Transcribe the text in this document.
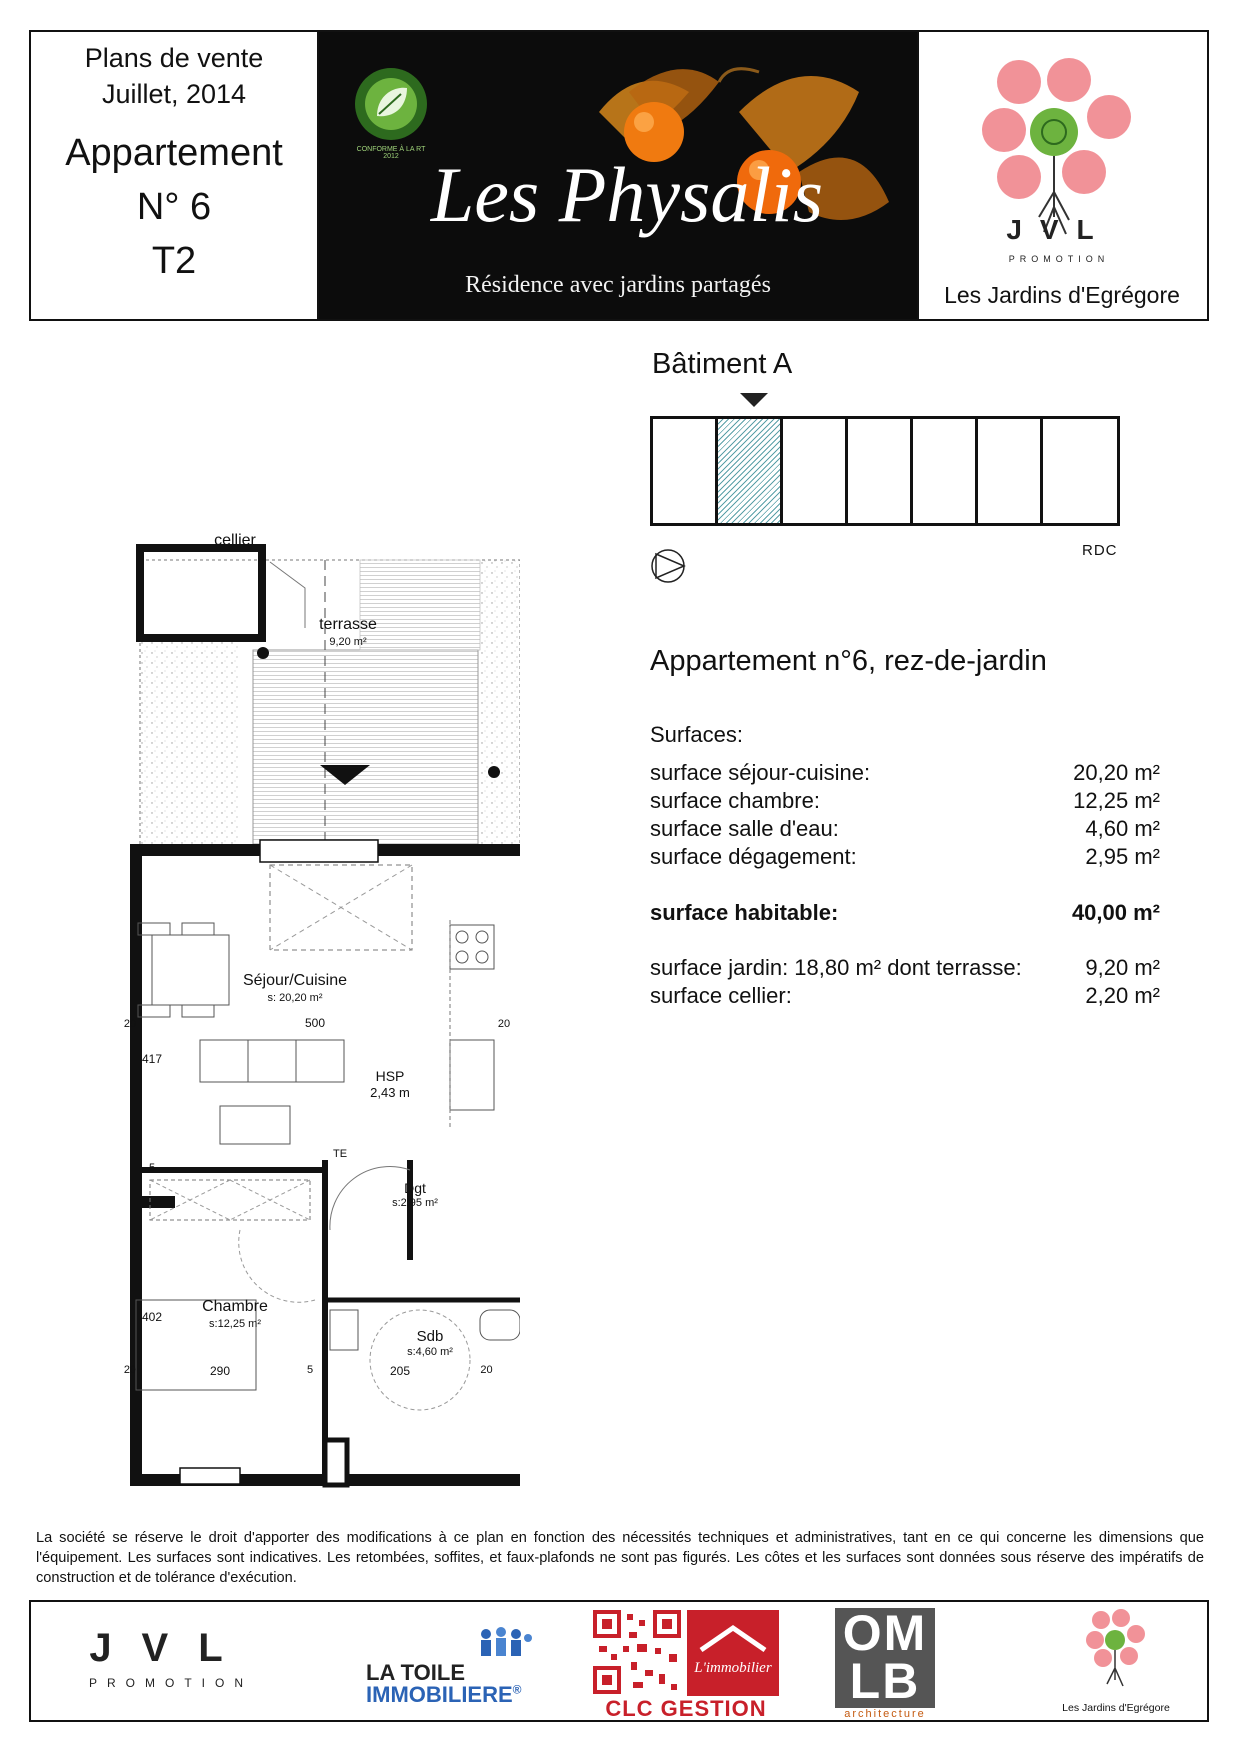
Plans de vente
Juillet, 2014
Appartement
N° 6
T2
CONFORME À LA RT 2012 Les Physalis
Résidence avec jardins partagés
JVL
PROMOTION
Les Jardins d'Egrégore
Bâtiment A
RDC
Appartement n°6, rez-de-jardin
Surfaces:
surface séjour-cuisine:	20,20 m²
surface chambre:	12,25 m²
surface salle d'eau:	4,60 m²
surface dégagement:	2,95 m²
surface habitable:	40,00 m²
surface jardin: 18,80 m² dont terrasse:	9,20 m²
surface cellier:	2,20 m²
cellier
terrasse
9,20 m²
Séjour/Cuisine
s: 20,20 m²
500
HSP
2,43 m
TE
417
5
Dgt
s:2,95 m²
Chambre
s:12,25 m²
402
Sdb
s:4,60 m²
290	5	205	20
20
20	20
La société se réserve le droit d'apporter des modifications à ce plan en fonction des nécessités techniques et administratives, tant en ce qui concerne les dimensions que l'équipement. Les surfaces sont indicatives. Les retombées, soffites, et faux-plafonds ne sont pas figurés. Les côtes et les surfaces sont données sous réserve des impératifs de construction et de tolérance d'exécution.
JVL
PROMOTION	LA TOILE
IMMOBILIERE®
L'immobilier
CLC GESTION
OM
LB
architecture	Les Jardins d'Egrégore
